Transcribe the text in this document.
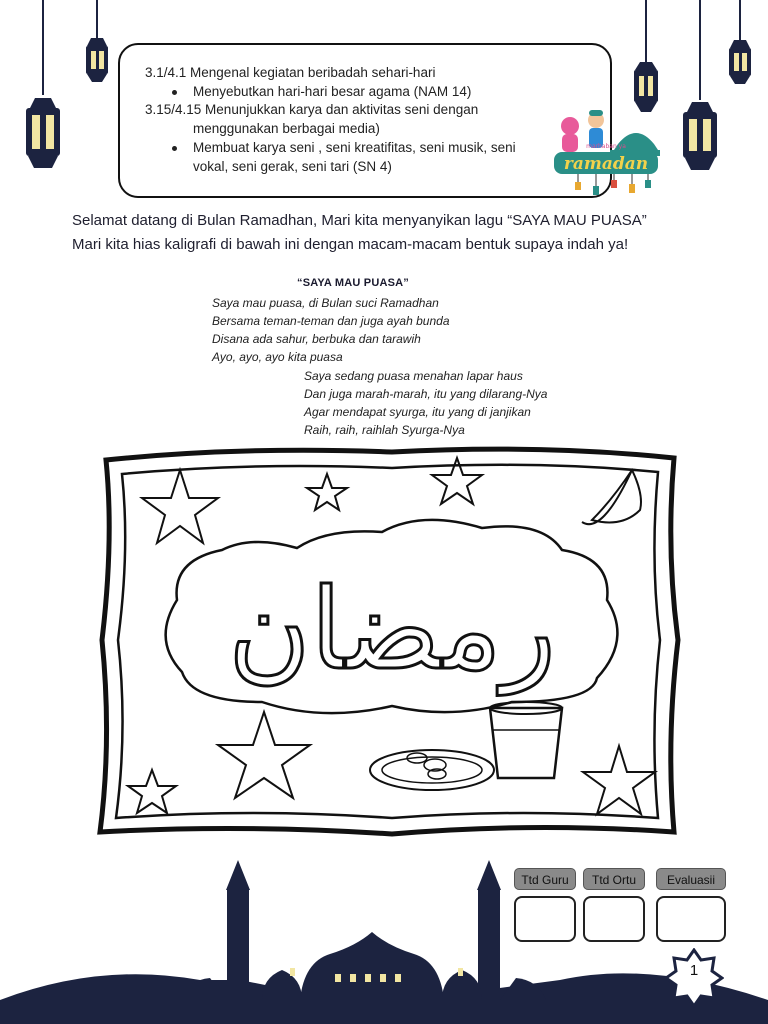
3.1/4.1 Mengenal kegiatan beribadah sehari-hari
Menyebutkan hari-hari besar agama (NAM 14)
3.15/4.15 Menunjukkan karya dan aktivitas seni dengan
menggunakan berbagai media)
Membuat karya seni , seni kreatifitas, seni musik, seni
vokal, seni gerak, seni tari (SN 4)	ramadan
marhaban ya
Selamat datang di Bulan Ramadhan, Mari kita menyanyikan lagu “SAYA MAU PUASA”
Mari kita hias kaligrafi di bawah ini dengan macam-macam bentuk supaya indah ya!
“SAYA MAU PUASA”
Saya mau puasa, di Bulan suci Ramadhan
Bersama teman-teman dan juga ayah bunda
Disana ada sahur, berbuka dan tarawih
Ayo, ayo, ayo kita puasa
Saya sedang puasa menahan lapar haus
Dan juga marah-marah, itu yang dilarang-Nya
Agar mendapat syurga, itu yang di janjikan
Raih, raih, raihlah Syurga-Nya
رمضان
Ttd Guru	Ttd Ortu	Evaluasii
1
